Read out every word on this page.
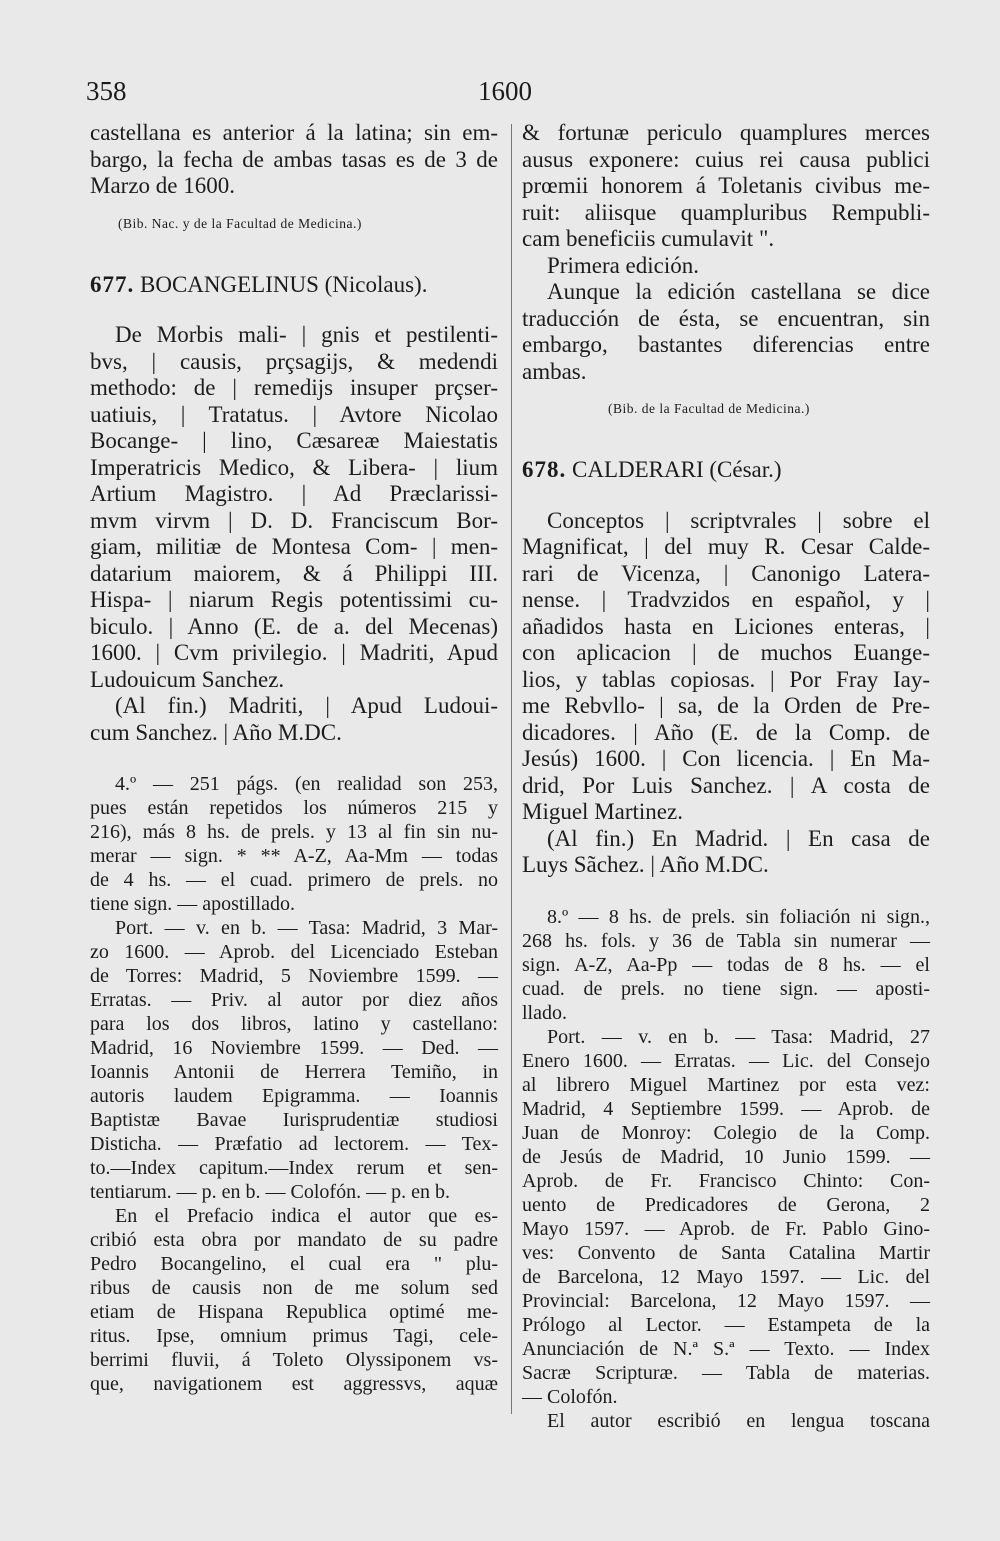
358	1600
castellana es anterior á la latina; sin em-
bargo, la fecha de ambas tasas es de 3 de
Marzo de 1600.
(Bib. Nac. y de la Facultad de Medicina.)
677. BOCANGELINUS (Nicolaus).
De Morbis mali- | gnis et pestilenti-
bvs, | causis, prçsagijs, & medendi
methodo: de | remedijs insuper prçser-
uatiuis, | Tratatus. | Avtore Nicolao
Bocange- | lino, Cæsareæ Maiestatis
Imperatricis Medico, & Libera- | lium
Artium Magistro. | Ad Præclarissi-
mvm virvm | D. D. Franciscum Bor-
giam, militiæ de Montesa Com- | men-
datarium maiorem, & á Philippi III.
Hispa- | niarum Regis potentissimi cu-
biculo. | Anno (E. de a. del Mecenas)
1600. | Cvm privilegio. | Madriti, Apud
Ludouicum Sanchez.
(Al fin.) Madriti, | Apud Ludoui-
cum Sanchez. | Año M.DC.
4.º — 251 págs. (en realidad son 253,
pues están repetidos los números 215 y
216), más 8 hs. de prels. y 13 al fin sin nu-
merar — sign. * ** A-Z, Aa-Mm — todas
de 4 hs. — el cuad. primero de prels. no
tiene sign. — apostillado.
Port. — v. en b. — Tasa: Madrid, 3 Mar-
zo 1600. — Aprob. del Licenciado Esteban
de Torres: Madrid, 5 Noviembre 1599. —
Erratas. — Priv. al autor por diez años
para los dos libros, latino y castellano:
Madrid, 16 Noviembre 1599. — Ded. —
Ioannis Antonii de Herrera Temiño, in
autoris laudem Epigramma. — Ioannis
Baptistæ Bavae Iurisprudentiæ studiosi
Disticha. — Præfatio ad lectorem. — Tex-
to.—Index capitum.—Index rerum et sen-
tentiarum. — p. en b. — Colofón. — p. en b.
En el Prefacio indica el autor que es-
cribió esta obra por mandato de su padre
Pedro Bocangelino, el cual era " plu-
ribus de causis non de me solum sed
etiam de Hispana Republica optimé me-
ritus. Ipse, omnium primus Tagi, cele-
berrimi fluvii, á Toleto Olyssiponem vs-
que, navigationem est aggressvs, aquæ
& fortunæ periculo quamplures merces
ausus exponere: cuius rei causa publici
prœmii honorem á Toletanis civibus me-
ruit: aliisque quampluribus Rempubli-
cam beneficiis cumulavit ".
Primera edición.
Aunque la edición castellana se dice
traducción de ésta, se encuentran, sin
embargo, bastantes diferencias entre
ambas.
(Bib. de la Facultad de Medicina.)
678. CALDERARI (César.)
Conceptos | scriptvrales | sobre el
Magnificat, | del muy R. Cesar Calde-
rari de Vicenza, | Canonigo Latera-
nense. | Tradvzidos en español, y |
añadidos hasta en Liciones enteras, |
con aplicacion | de muchos Euange-
lios, y tablas copiosas. | Por Fray Iay-
me Rebvllo- | sa, de la Orden de Pre-
dicadores. | Año (E. de la Comp. de
Jesús) 1600. | Con licencia. | En Ma-
drid, Por Luis Sanchez. | A costa de
Miguel Martinez.
(Al fin.) En Madrid. | En casa de
Luys Sãchez. | Año M.DC.
8.º — 8 hs. de prels. sin foliación ni sign.,
268 hs. fols. y 36 de Tabla sin numerar —
sign. A-Z, Aa-Pp — todas de 8 hs. — el
cuad. de prels. no tiene sign. — aposti-
llado.
Port. — v. en b. — Tasa: Madrid, 27
Enero 1600. — Erratas. — Lic. del Consejo
al librero Miguel Martinez por esta vez:
Madrid, 4 Septiembre 1599. — Aprob. de
Juan de Monroy: Colegio de la Comp.
de Jesús de Madrid, 10 Junio 1599. —
Aprob. de Fr. Francisco Chinto: Con-
uento de Predicadores de Gerona, 2
Mayo 1597. — Aprob. de Fr. Pablo Gino-
ves: Convento de Santa Catalina Martir
de Barcelona, 12 Mayo 1597. — Lic. del
Provincial: Barcelona, 12 Mayo 1597. —
Prólogo al Lector. — Estampeta de la
Anunciación de N.ª S.ª — Texto. — Index
Sacræ Scripturæ. — Tabla de materias.
— Colofón.
El autor escribió en lengua toscana
